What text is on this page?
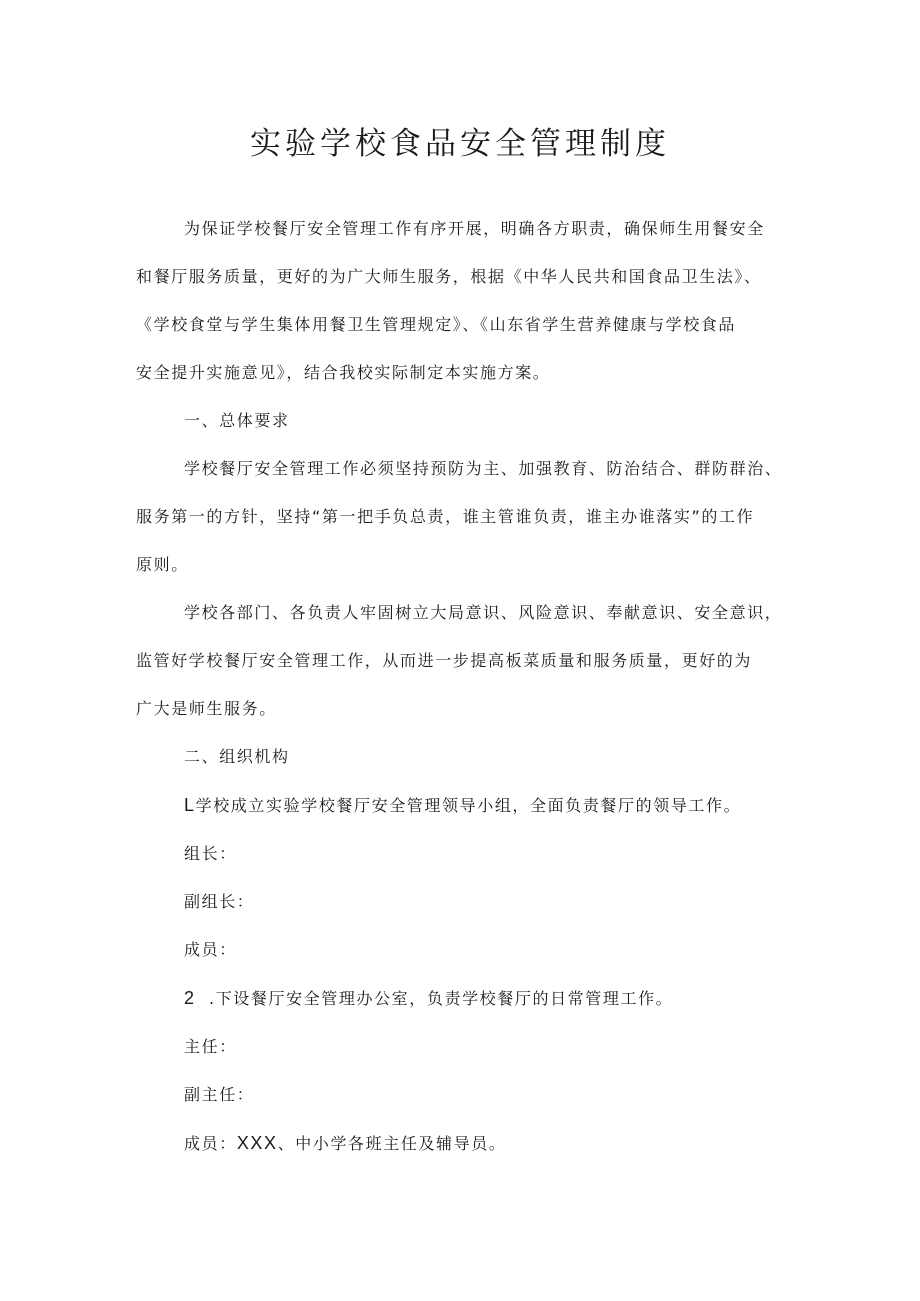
实验学校食品安全管理制度
为保证学校餐厅安全管理工作有序开展，明确各方职责，确保师生用餐安全
和餐厅服务质量，更好的为广大师生服务，根据《中华人民共和国食品卫生法》、
《学校食堂与学生集体用餐卫生管理规定》、《山东省学生营养健康与学校食品
安全提升实施意见》，结合我校实际制定本实施方案。
一、总体要求
学校餐厅安全管理工作必须坚持预防为主、加强教育、防治结合、群防群治、
服务第一的方针，坚持“第一把手负总责，谁主管谁负责，谁主办谁落实”的工作
原则。
学校各部门、各负责人牢固树立大局意识、风险意识、奉献意识、安全意识，
监管好学校餐厅安全管理工作，从而进一步提高板菜质量和服务质量，更好的为
广大是师生服务。
二、组织机构
L学校成立实验学校餐厅安全管理领导小组，全面负责餐厅的领导工作。
组长：
副组长：
成员：
2 .下设餐厅安全管理办公室，负责学校餐厅的日常管理工作。
主任：
副主任：
成员：XXX、中小学各班主任及辅导员。
